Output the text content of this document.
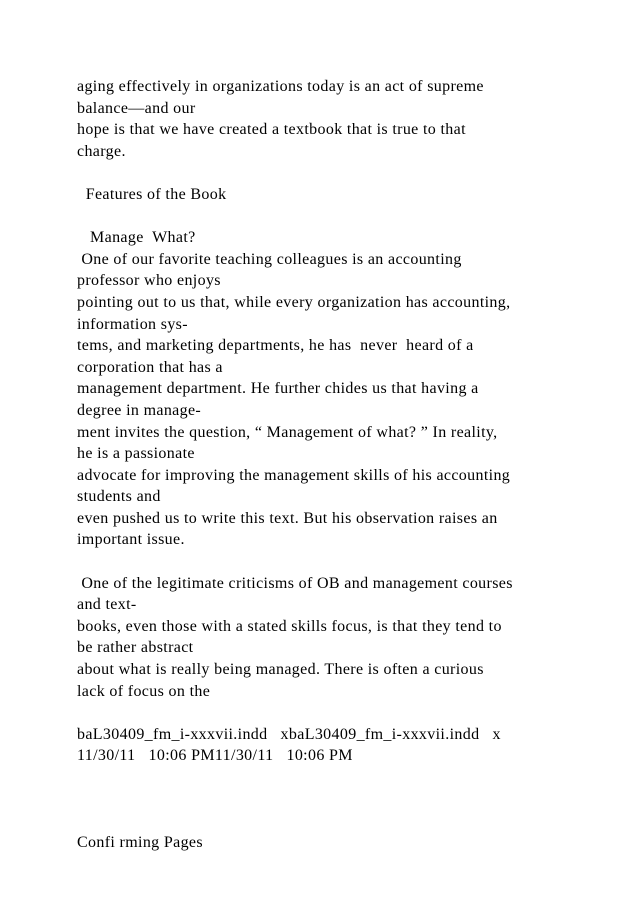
aging effectively in organizations today is an act of supreme
balance—and our
hope is that we have created a textbook that is true to that
charge.
Features of the Book
Manage  What?
One of our favorite teaching colleagues is an accounting
professor who enjoys
pointing out to us that, while every organization has accounting,
information sys-
tems, and marketing departments, he has  never  heard of a
corporation that has a
management department. He further chides us that having a
degree in manage-
ment invites the question, “ Management of what? ” In reality,
he is a passionate
advocate for improving the management skills of his accounting
students and
even pushed us to write this text. But his observation raises an
important issue.
One of the legitimate criticisms of OB and management courses
and text-
books, even those with a stated skills focus, is that they tend to
be rather abstract
about what is really being managed. There is often a curious
lack of focus on the
baL30409_fm_i-xxxvii.indd   xbaL30409_fm_i-xxxvii.indd   x
11/30/11   10:06 PM11/30/11   10:06 PM
Confi rming Pages
